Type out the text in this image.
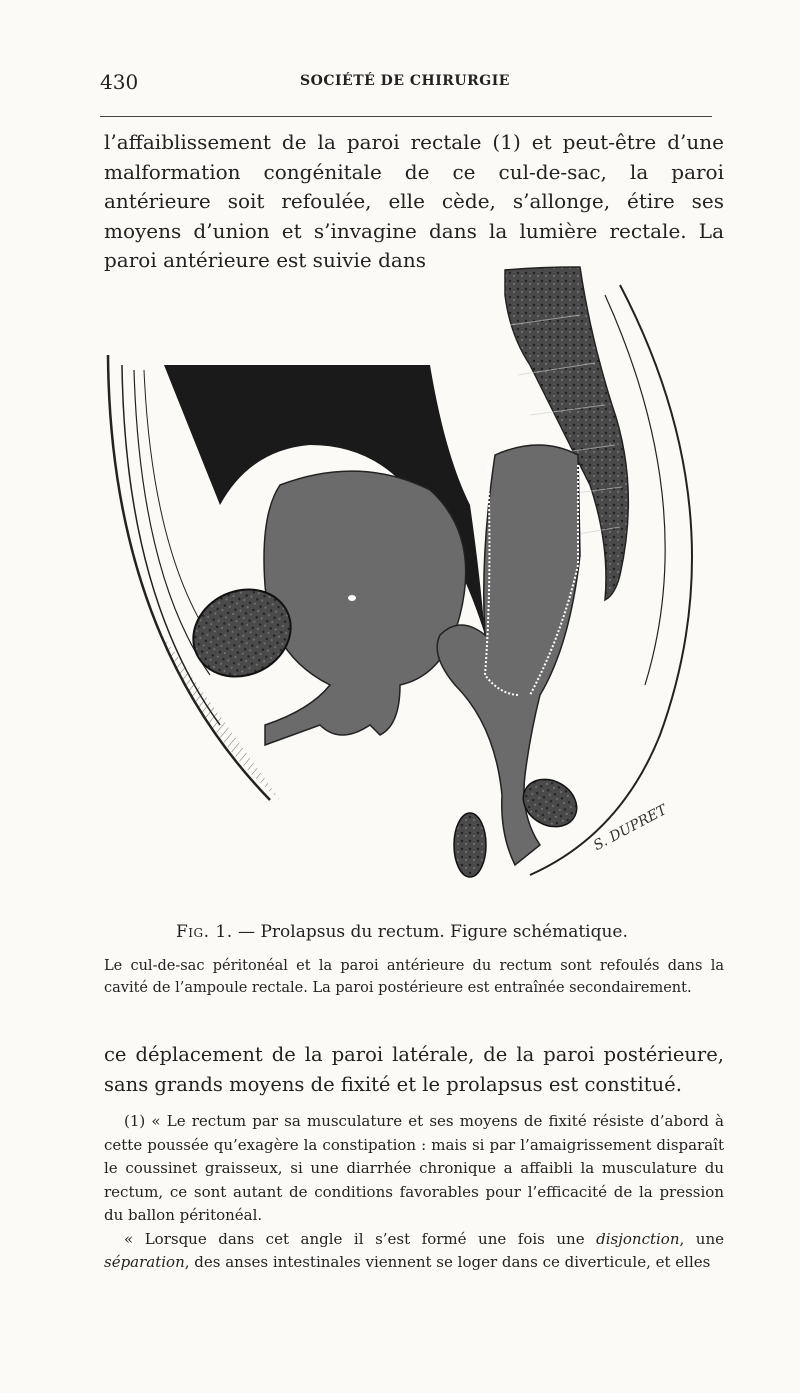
430	SOCIÉTÉ DE CHIRURGIE
l’affaiblissement de la paroi rectale (1) et peut-être d’une malformation congénitale de ce cul-de-sac, la paroi antérieure soit refoulée, elle cède, s’allonge, étire ses moyens d’union et s’invagine dans la lumière rectale. La paroi antérieure est suivie dans
S. DUPRET
Fig. 1. — Prolapsus du rectum. Figure schématique.
Le cul-de-sac péritonéal et la paroi antérieure du rectum sont refoulés dans la cavité de l’ampoule rectale. La paroi postérieure est entraînée secondairement.
ce déplacement de la paroi latérale, de la paroi postérieure, sans grands moyens de fixité et le prolapsus est constitué.

(1) « Le rectum par sa musculature et ses moyens de fixité résiste d’abord à cette poussée qu’exagère la constipation : mais si par l’amaigrissement disparaît le coussinet graisseux, si une diarrhée chronique a affaibli la musculature du rectum, ce sont autant de conditions favorables pour l’efficacité de la pression du ballon péritonéal.

« Lorsque dans cet angle il s’est formé une fois une disjonction, une séparation, des anses intestinales viennent se loger dans ce diverticule, et elles
